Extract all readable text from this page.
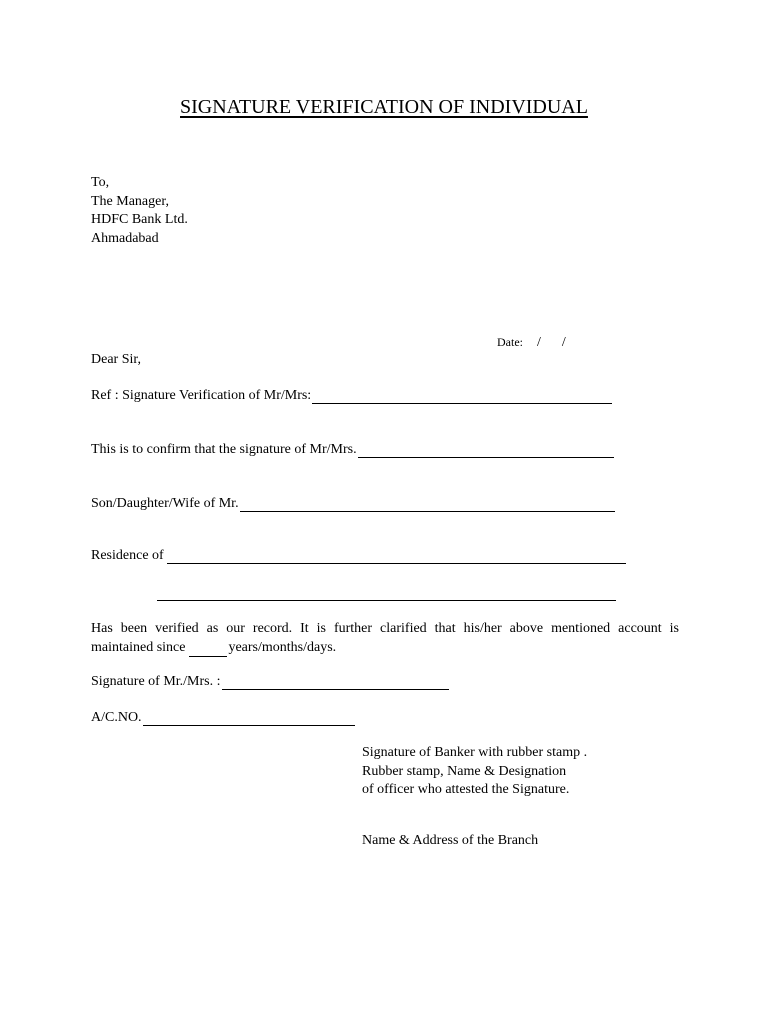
SIGNATURE VERIFICATION OF INDIVIDUAL
To,
The Manager,
HDFC Bank Ltd.
Ahmadabad
Date: /      /
Dear Sir,
Ref : Signature Verification of Mr/Mrs:
This is to confirm that the signature of Mr/Mrs.
Son/Daughter/Wife of Mr.
Residence of
Has been verified as our record. It is further clarified that his/her above mentioned account is
maintained since	years/months/days.
Signature of Mr./Mrs. :
A/C.NO.
Signature of Banker with rubber stamp .
Rubber stamp, Name & Designation
of officer who attested the Signature.
Name & Address of the Branch
